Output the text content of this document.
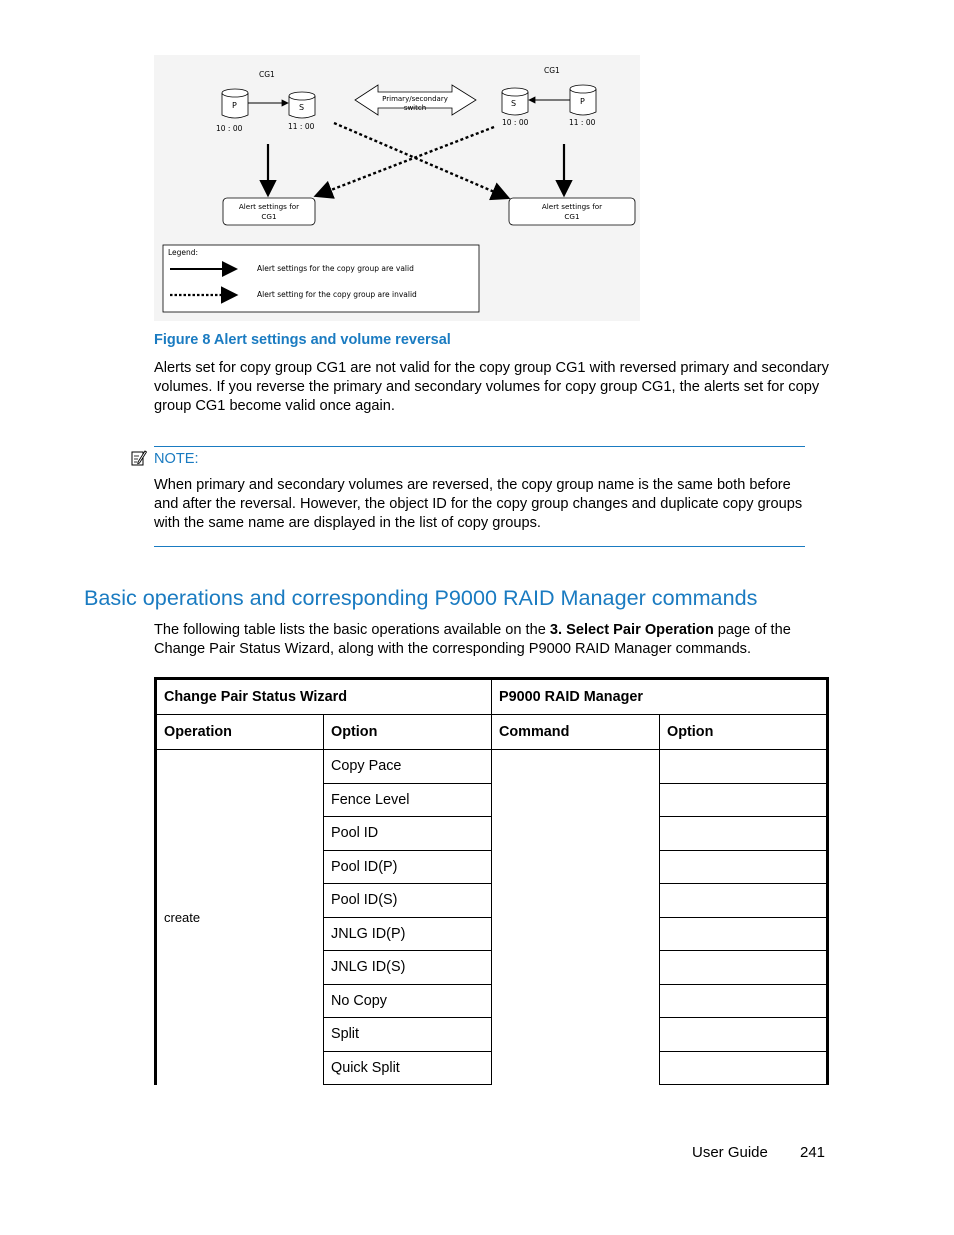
CG1
P	S
10 : 00	11 : 00
Primary/secondary
switch
CG1
S	P
10 : 00	11 : 00
Alert settings for
CG1
Alert settings for
CG1
Legend:
Alert settings for the copy group are valid
Alert setting for the copy group are invalid
Figure 8 Alert settings and volume reversal
Alerts set for copy group CG1 are not valid for the copy group CG1 with reversed primary and secondary volumes. If you reverse the primary and secondary volumes for copy group CG1, the alerts set for copy group CG1 become valid once again.
NOTE:
When primary and secondary volumes are reversed, the copy group name is the same both before and after the reversal. However, the object ID for the copy group changes and duplicate copy groups with the same name are displayed in the list of copy groups.
Basic operations and corresponding P9000 RAID Manager commands
The following table lists the basic operations available on the 3. Select Pair Operation page of the Change Pair Status Wizard, along with the corresponding P9000 RAID Manager commands.
Change Pair Status Wizard		P9000 RAID Manager	
Operation	Option	Command	Option
create	Copy Pace		
	Fence Level		
	Pool ID		
	Pool ID(P)		
	Pool ID(S)		
	JNLG ID(P)		
	JNLG ID(S)		
	No Copy		
	Split		
	Quick Split		
User Guide 241
